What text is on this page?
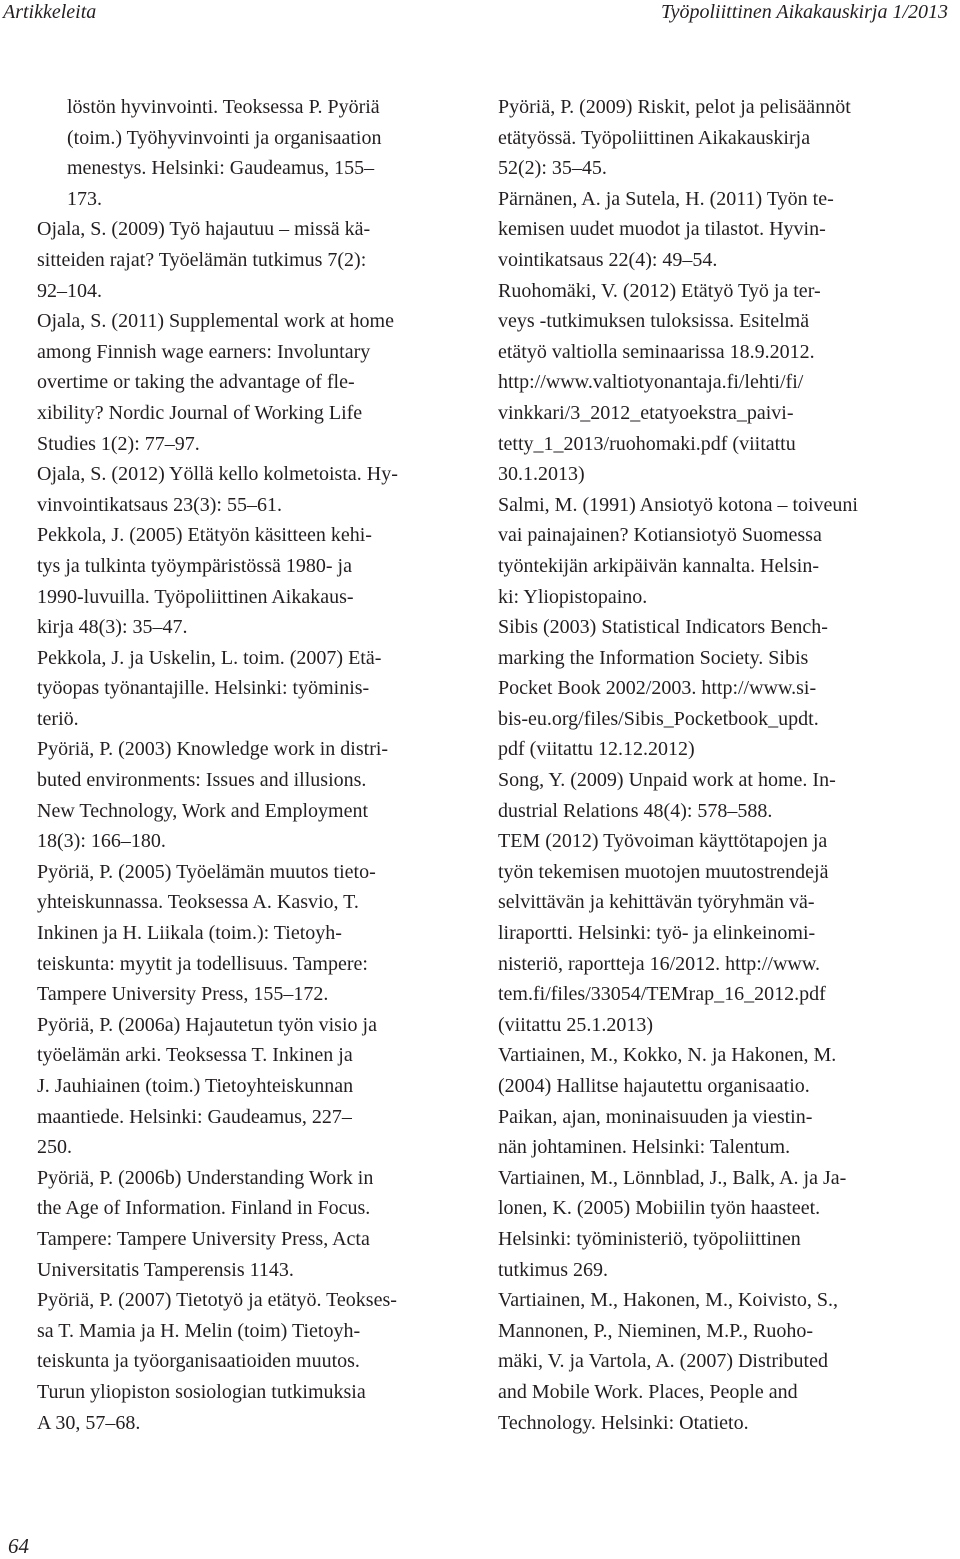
Artikkeleita	Työpoliittinen Aikakauskirja 1/2013
löstön hyvinvointi. Teoksessa P. Pyöriä
(toim.) Työhyvinvointi ja organisaation
menestys. Helsinki: Gaudeamus, 155–
173.
Ojala, S. (2009) Työ hajautuu – missä kä-
sitteiden rajat? Työelämän tutkimus 7(2):
92–104.
Ojala, S. (2011) Supplemental work at home
among Finnish wage earners: Involuntary
overtime or taking the advantage of fle-
xibility? Nordic Journal of Working Life
Studies 1(2): 77–97.
Ojala, S. (2012) Yöllä kello kolmetoista. Hy-
vinvointikatsaus 23(3): 55–61.
Pekkola, J. (2005) Etätyön käsitteen kehi-
tys ja tulkinta työympäristössä 1980- ja
1990-luvuilla. Työpoliittinen Aikakaus-
kirja 48(3): 35–47.
Pekkola, J. ja Uskelin, L. toim. (2007) Etä-
työopas työnantajille. Helsinki: työminis-
teriö.
Pyöriä, P. (2003) Knowledge work in distri-
buted environments: Issues and illusions.
New Technology, Work and Employment
18(3): 166–180.
Pyöriä, P. (2005) Työelämän muutos tieto-
yhteiskunnassa. Teoksessa A. Kasvio, T.
Inkinen ja H. Liikala (toim.): Tietoyh-
teiskunta: myytit ja todellisuus. Tampere:
Tampere University Press, 155–172.
Pyöriä, P. (2006a) Hajautetun työn visio ja
työelämän arki. Teoksessa T. Inkinen ja
J. Jauhiainen (toim.) Tietoyhteiskunnan
maantiede. Helsinki: Gaudeamus, 227–
250.
Pyöriä, P. (2006b) Understanding Work in
the Age of Information. Finland in Focus.
Tampere: Tampere University Press, Acta
Universitatis Tamperensis 1143.
Pyöriä, P. (2007) Tietotyö ja etätyö. Teokses-
sa T. Mamia ja H. Melin (toim) Tietoyh-
teiskunta ja työorganisaatioiden muutos.
Turun yliopiston sosiologian tutkimuksia
A 30, 57–68.
Pyöriä, P. (2009) Riskit, pelot ja pelisäännöt
etätyössä. Työpoliittinen Aikakauskirja
52(2): 35–45.
Pärnänen, A. ja Sutela, H. (2011) Työn te-
kemisen uudet muodot ja tilastot. Hyvin-
vointikatsaus 22(4): 49–54.
Ruohomäki, V. (2012) Etätyö Työ ja ter-
veys -tutkimuksen tuloksissa. Esitelmä
etätyö valtiolla seminaarissa 18.9.2012.
http://www.valtiotyonantaja.fi/lehti/fi/
vinkkari/3_2012_etatyoekstra_paivi-
tetty_1_2013/ruohomaki.pdf (viitattu
30.1.2013)
Salmi, M. (1991) Ansiotyö kotona – toiveuni
vai painajainen? Kotiansiotyö Suomessa
työntekijän arkipäivän kannalta. Helsin-
ki: Yliopistopaino.
Sibis (2003) Statistical Indicators Bench-
marking the Information Society. Sibis
Pocket Book 2002/2003. http://www.si-
bis-eu.org/files/Sibis_Pocketbook_updt.
pdf (viitattu 12.12.2012)
Song, Y. (2009) Unpaid work at home. In-
dustrial Relations 48(4): 578–588.
TEM (2012) Työvoiman käyttötapojen ja
työn tekemisen muotojen muutostrendejä
selvittävän ja kehittävän työryhmän vä-
liraportti. Helsinki: työ- ja elinkeinomi-
nisteriö, raportteja 16/2012. http://www.
tem.fi/files/33054/TEMrap_16_2012.pdf
(viitattu 25.1.2013)
Vartiainen, M., Kokko, N. ja Hakonen, M.
(2004) Hallitse hajautettu organisaatio.
Paikan, ajan, moninaisuuden ja viestin-
nän johtaminen. Helsinki: Talentum.
Vartiainen, M., Lönnblad, J., Balk, A. ja Ja-
lonen, K. (2005) Mobiilin työn haasteet.
Helsinki: työministeriö, työpoliittinen
tutkimus 269.
Vartiainen, M., Hakonen, M., Koivisto, S.,
Mannonen, P., Nieminen, M.P., Ruoho-
mäki, V. ja Vartola, A. (2007) Distributed
and Mobile Work. Places, People and
Technology. Helsinki: Otatieto.
64
